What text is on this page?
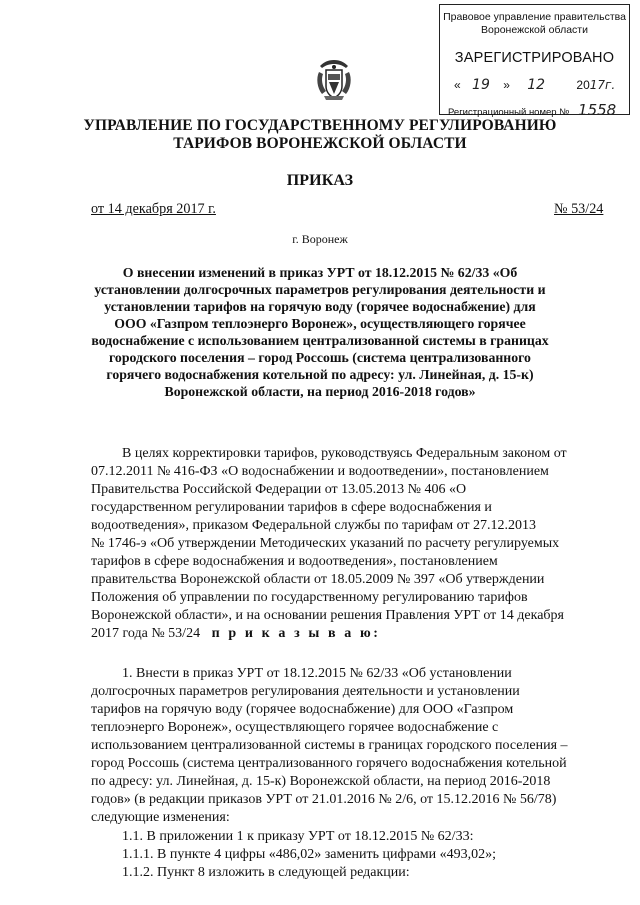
Правовое управление правительства
Воронежской области
ЗАРЕГИСТРИРОВАНО
« 19 » 12	2017г.
Регистрационный номер № 1558
УПРАВЛЕНИЕ ПО ГОСУДАРСТВЕННОМУ РЕГУЛИРОВАНИЮ
ТАРИФОВ ВОРОНЕЖСКОЙ ОБЛАСТИ
ПРИКАЗ
от 14 декабря 2017 г.	№ 53/24
г. Воронеж
О внесении изменений в приказ УРТ от 18.12.2015 № 62/33 «Об
установлении долгосрочных параметров регулирования деятельности и
установлении тарифов на горячую воду (горячее водоснабжение) для
ООО «Газпром теплоэнерго Воронеж», осуществляющего горячее
водоснабжение с использованием централизованной системы в границах
городского поселения – город Россошь (система централизованного
горячего водоснабжения котельной по адресу: ул. Линейная, д. 15-к)
Воронежской области, на период 2016-2018 годов»
В целях корректировки тарифов, руководствуясь Федеральным законом от
07.12.2011 № 416-ФЗ «О водоснабжении и водоотведении», постановлением
Правительства Российской Федерации от 13.05.2013 № 406 «О
государственном регулировании тарифов в сфере водоснабжения и
водоотведения», приказом Федеральной службы по тарифам от 27.12.2013
№ 1746-э «Об утверждении Методических указаний по расчету регулируемых
тарифов в сфере водоснабжения и водоотведения», постановлением
правительства Воронежской области от 18.05.2009 № 397 «Об утверждении
Положения об управлении по государственному регулированию тарифов
Воронежской области», и на основании решения Правления УРТ от 14 декабря
2017 года № 53/24 п р и к а з ы в а ю:
1. Внести в приказ УРТ от 18.12.2015 № 62/33 «Об установлении
долгосрочных параметров регулирования деятельности и установлении
тарифов на горячую воду (горячее водоснабжение) для ООО «Газпром
теплоэнерго Воронеж», осуществляющего горячее водоснабжение с
использованием централизованной системы в границах городского поселения –
город Россошь (система централизованного горячего водоснабжения котельной
по адресу: ул. Линейная, д. 15-к) Воронежской области, на период 2016-2018
годов» (в редакции приказов УРТ от 21.01.2016 № 2/6, от 15.12.2016 № 56/78)
следующие изменения:
1.1. В приложении 1 к приказу УРТ от 18.12.2015 № 62/33:
1.1.1. В пункте 4 цифры «486,02» заменить цифрами «493,02»;
1.1.2. Пункт 8 изложить в следующей редакции:
